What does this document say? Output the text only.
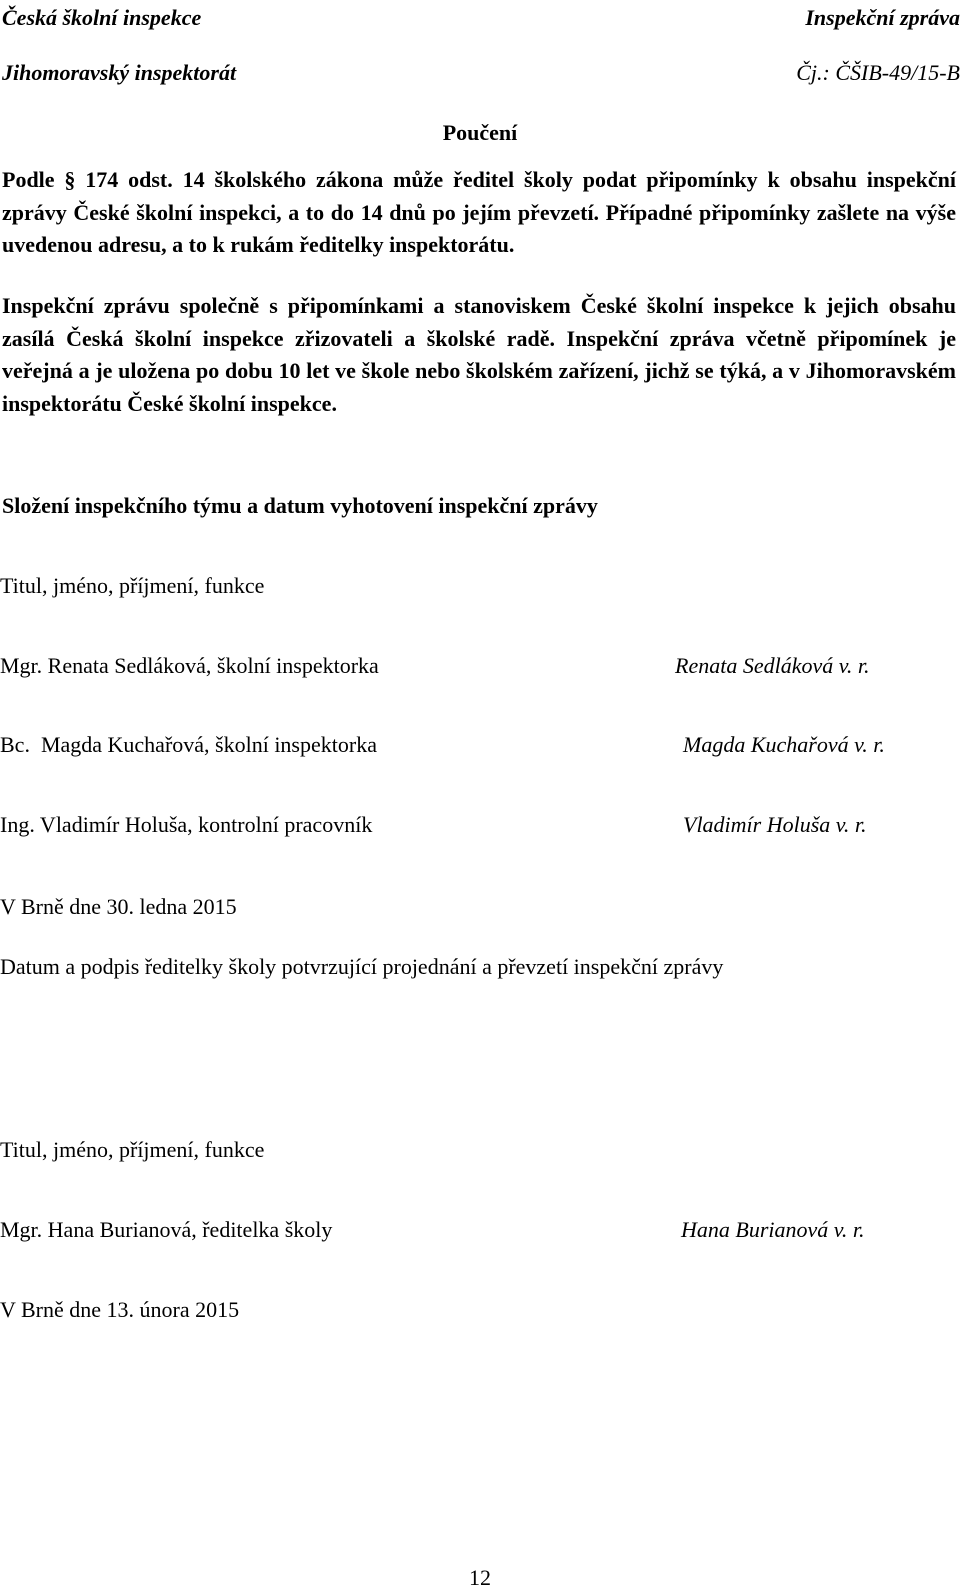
Česká školní inspekce	Inspekční zpráva
Jihomoravský inspektorát	Čj.: ČŠIB-49/15-B
Poučení

Podle § 174 odst. 14 školského zákona může ředitel školy podat připomínky k obsahu inspekční zprávy České školní inspekci, a to do 14 dnů po jejím převzetí. Případné připomínky zašlete na výše uvedenou adresu, a to k rukám ředitelky inspektorátu.

Inspekční zprávu společně s připomínkami a stanoviskem České školní inspekce k jejich obsahu zasílá Česká školní inspekce zřizovateli a školské radě. Inspekční zpráva včetně připomínek je veřejná a je uložena po dobu 10 let ve škole nebo školském zařízení, jichž se týká, a v Jihomoravském inspektorátu České školní inspekce.

Složení inspekčního týmu a datum vyhotovení inspekční zprávy
Titul, jméno, příjmení, funkce
Mgr. Renata Sedláková, školní inspektorka	Renata Sedláková v. r.
Bc.  Magda Kuchařová, školní inspektorka	Magda Kuchařová v. r.
Ing. Vladimír Holuša, kontrolní pracovník	Vladimír Holuša v. r.
V Brně dne 30. ledna 2015
Datum a podpis ředitelky školy potvrzující projednání a převzetí inspekční zprávy
Titul, jméno, příjmení, funkce
Mgr. Hana Burianová, ředitelka školy	Hana Burianová v. r.
V Brně dne 13. února 2015
12
